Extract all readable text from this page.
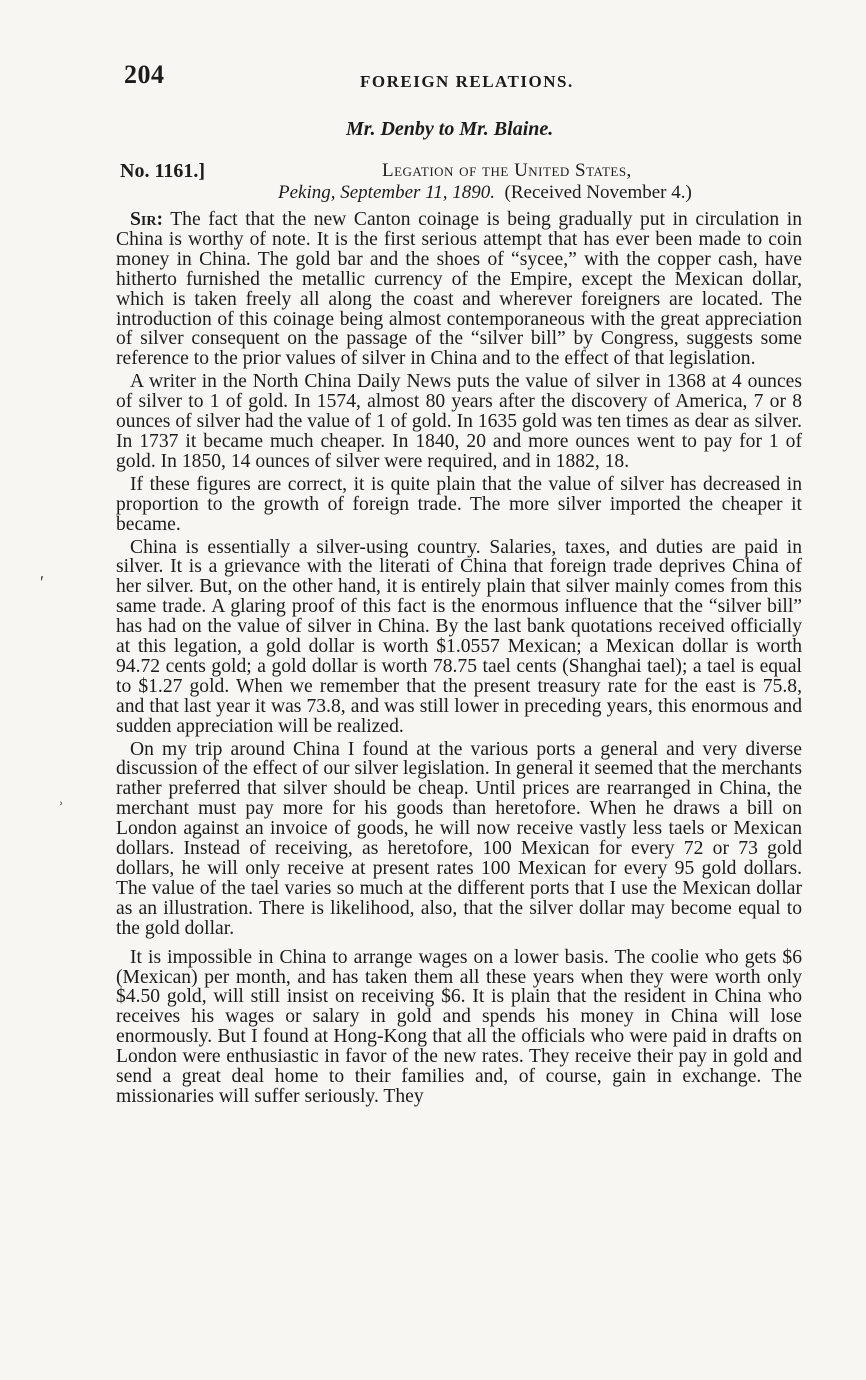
204	FOREIGN RELATIONS.
Mr. Denby to Mr. Blaine.
No. 1161.]	Legation of the United States,
Peking, September 11, 1890. (Received November 4.)

Sir: The fact that the new Canton coinage is being gradually put in circulation in China is worthy of note. It is the first serious attempt that has ever been made to coin money in China. The gold bar and the shoes of “sycee,” with the copper cash, have hitherto furnished the metallic currency of the Empire, except the Mexican dollar, which is taken freely all along the coast and wherever foreigners are located. The introduction of this coinage being almost contemporaneous with the great appreciation of silver consequent on the passage of the “silver bill” by Congress, suggests some reference to the prior values of silver in China and to the effect of that legislation.

A writer in the North China Daily News puts the value of silver in 1368 at 4 ounces of silver to 1 of gold. In 1574, almost 80 years after the discovery of America, 7 or 8 ounces of silver had the value of 1 of gold. In 1635 gold was ten times as dear as silver. In 1737 it became much cheaper. In 1840, 20 and more ounces went to pay for 1 of gold. In 1850, 14 ounces of silver were required, and in 1882, 18.

If these figures are correct, it is quite plain that the value of silver has decreased in proportion to the growth of foreign trade. The more silver imported the cheaper it became.

China is essentially a silver-using country. Salaries, taxes, and duties are paid in silver. It is a grievance with the literati of China that foreign trade deprives China of her silver. But, on the other hand, it is entirely plain that silver mainly comes from this same trade. A glaring proof of this fact is the enormous influence that the “silver bill” has had on the value of silver in China. By the last bank quotations received officially at this legation, a gold dollar is worth $1.0557 Mexican; a Mexican dollar is worth 94.72 cents gold; a gold dollar is worth 78.75 tael cents (Shanghai tael); a tael is equal to $1.27 gold. When we remember that the present treasury rate for the east is 75.8, and that last year it was 73.8, and was still lower in preceding years, this enormous and sudden appreciation will be realized.

On my trip around China I found at the various ports a general and very diverse discussion of the effect of our silver legislation. In general it seemed that the merchants rather preferred that silver should be cheap. Until prices are rearranged in China, the merchant must pay more for his goods than heretofore. When he draws a bill on London against an invoice of goods, he will now receive vastly less taels or Mexican dollars. Instead of receiving, as heretofore, 100 Mexican for every 72 or 73 gold dollars, he will only receive at present rates 100 Mexican for every 95 gold dollars. The value of the tael varies so much at the different ports that I use the Mexican dollar as an illustration. There is likelihood, also, that the silver dollar may become equal to the gold dollar.

It is impossible in China to arrange wages on a lower basis. The coolie who gets $6 (Mexican) per month, and has taken them all these years when they were worth only $4.50 gold, will still insist on receiving $6. It is plain that the resident in China who receives his wages or salary in gold and spends his money in China will lose enormously. But I found at Hong-Kong that all the officials who were paid in drafts on London were enthusiastic in favor of the new rates. They receive their pay in gold and send a great deal home to their families and, of course, gain in exchange. The missionaries will suffer seriously. They

ʹ
˒
